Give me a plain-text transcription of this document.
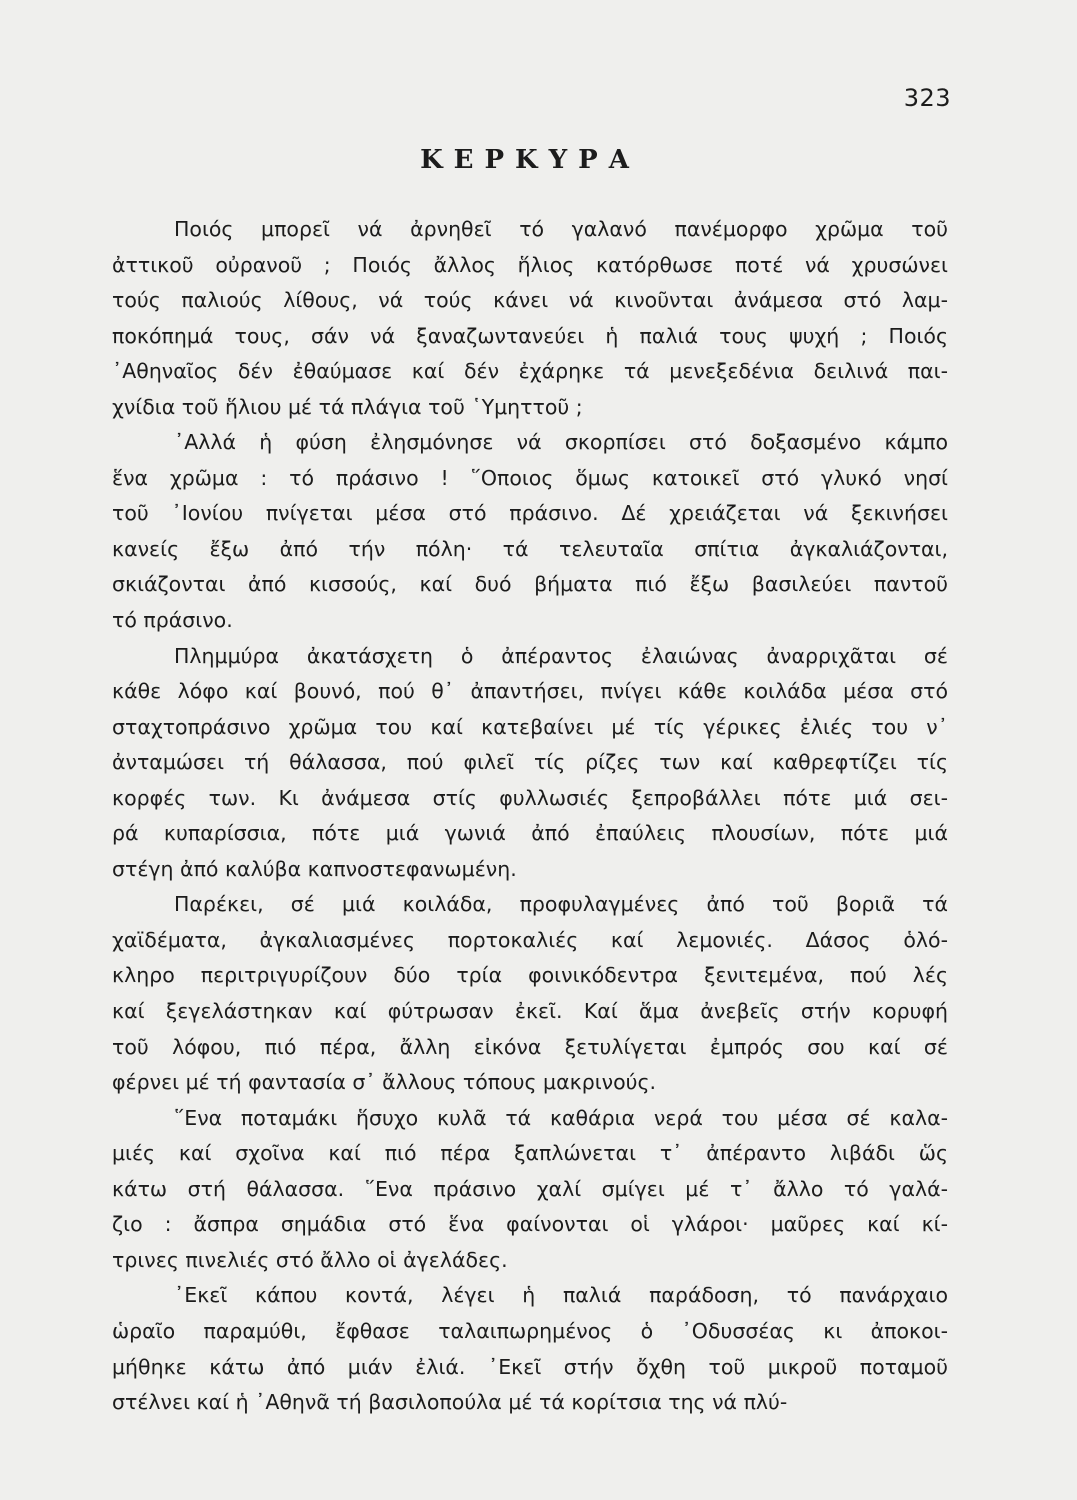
323
ΚΕΡΚΥΡΑ
Ποιός μπορεῖ νά ἀρνηθεῖ τό γαλανό πανέμορφο χρῶμα τοῦ
ἀττικοῦ οὐρανοῦ ; Ποιός ἄλλος ἥλιος κατόρθωσε ποτέ νά χρυσώνει
τούς παλιούς λίθους, νά τούς κάνει νά κινοῦνται ἀνάμεσα στό λαμ-
ποκόπημά τους, σάν νά ξαναζωντανεύει ἡ παλιά τους ψυχή ; Ποιός
᾿Αθηναῖος δέν ἐθαύμασε καί δέν ἐχάρηκε τά μενεξεδένια δειλινά παι-
χνίδια τοῦ ἥλιου μέ τά πλάγια τοῦ ῾Υμηττοῦ ;
᾿Αλλά ἡ φύση ἐλησμόνησε νά σκορπίσει στό δοξασμένο κάμπο
ἕνα χρῶμα : τό πράσινο ! ῞Οποιος ὅμως κατοικεῖ στό γλυκό νησί
τοῦ ᾿Ιονίου πνίγεται μέσα στό πράσινο. Δέ χρειάζεται νά ξεκινήσει
κανείς ἔξω ἀπό τήν πόλη· τά τελευταῖα σπίτια ἀγκαλιάζονται,
σκιάζονται ἀπό κισσούς, καί δυό βήματα πιό ἔξω βασιλεύει παντοῦ
τό πράσινο.
Πλημμύρα ἀκατάσχετη ὁ ἀπέραντος ἐλαιώνας ἀναρριχᾶται σέ
κάθε λόφο καί βουνό, πού θ᾿ ἀπαντήσει, πνίγει κάθε κοιλάδα μέσα στό
σταχτοπράσινο χρῶμα του καί κατεβαίνει μέ τίς γέρικες ἐλιές του ν᾿
ἀνταμώσει τή θάλασσα, πού φιλεῖ τίς ρίζες των καί καθρεφτίζει τίς
κορφές των. Κι ἀνάμεσα στίς φυλλωσιές ξεπροβάλλει πότε μιά σει-
ρά κυπαρίσσια, πότε μιά γωνιά ἀπό ἐπαύλεις πλουσίων, πότε μιά
στέγη ἀπό καλύβα καπνοστεφανωμένη.
Παρέκει, σέ μιά κοιλάδα, προφυλαγμένες ἀπό τοῦ βοριᾶ τά
χαϊδέματα, ἀγκαλιασμένες πορτοκαλιές καί λεμονιές. Δάσος ὁλό-
κληρο περιτριγυρίζουν δύο τρία φοινικόδεντρα ξενιτεμένα, πού λές
καί ξεγελάστηκαν καί φύτρωσαν ἐκεῖ. Καί ἅμα ἀνεβεῖς στήν κορυφή
τοῦ λόφου, πιό πέρα, ἄλλη εἰκόνα ξετυλίγεται ἐμπρός σου καί σέ
φέρνει μέ τή φαντασία σ᾿ ἄλλους τόπους μακρινούς.
῞Ενα ποταμάκι ἥσυχο κυλᾶ τά καθάρια νερά του μέσα σέ καλα-
μιές καί σχοῖνα καί πιό πέρα ξαπλώνεται τ᾿ ἀπέραντο λιβάδι ὥς
κάτω στή θάλασσα. ῞Ενα πράσινο χαλί σμίγει μέ τ᾿ ἄλλο τό γαλά-
ζιο : ἄσπρα σημάδια στό ἕνα φαίνονται οἱ γλάροι· μαῦρες καί κί-
τρινες πινελιές στό ἄλλο οἱ ἀγελάδες.
᾿Εκεῖ κάπου κοντά, λέγει ἡ παλιά παράδοση, τό πανάρχαιο
ὡραῖο παραμύθι, ἔφθασε ταλαιπωρημένος ὁ ᾿Οδυσσέας κι ἀποκοι-
μήθηκε κάτω ἀπό μιάν ἐλιά. ᾿Εκεῖ στήν ὄχθη τοῦ μικροῦ ποταμοῦ
στέλνει καί ἡ ᾿Αθηνᾶ τή βασιλοπούλα μέ τά κορίτσια της νά πλύ-
